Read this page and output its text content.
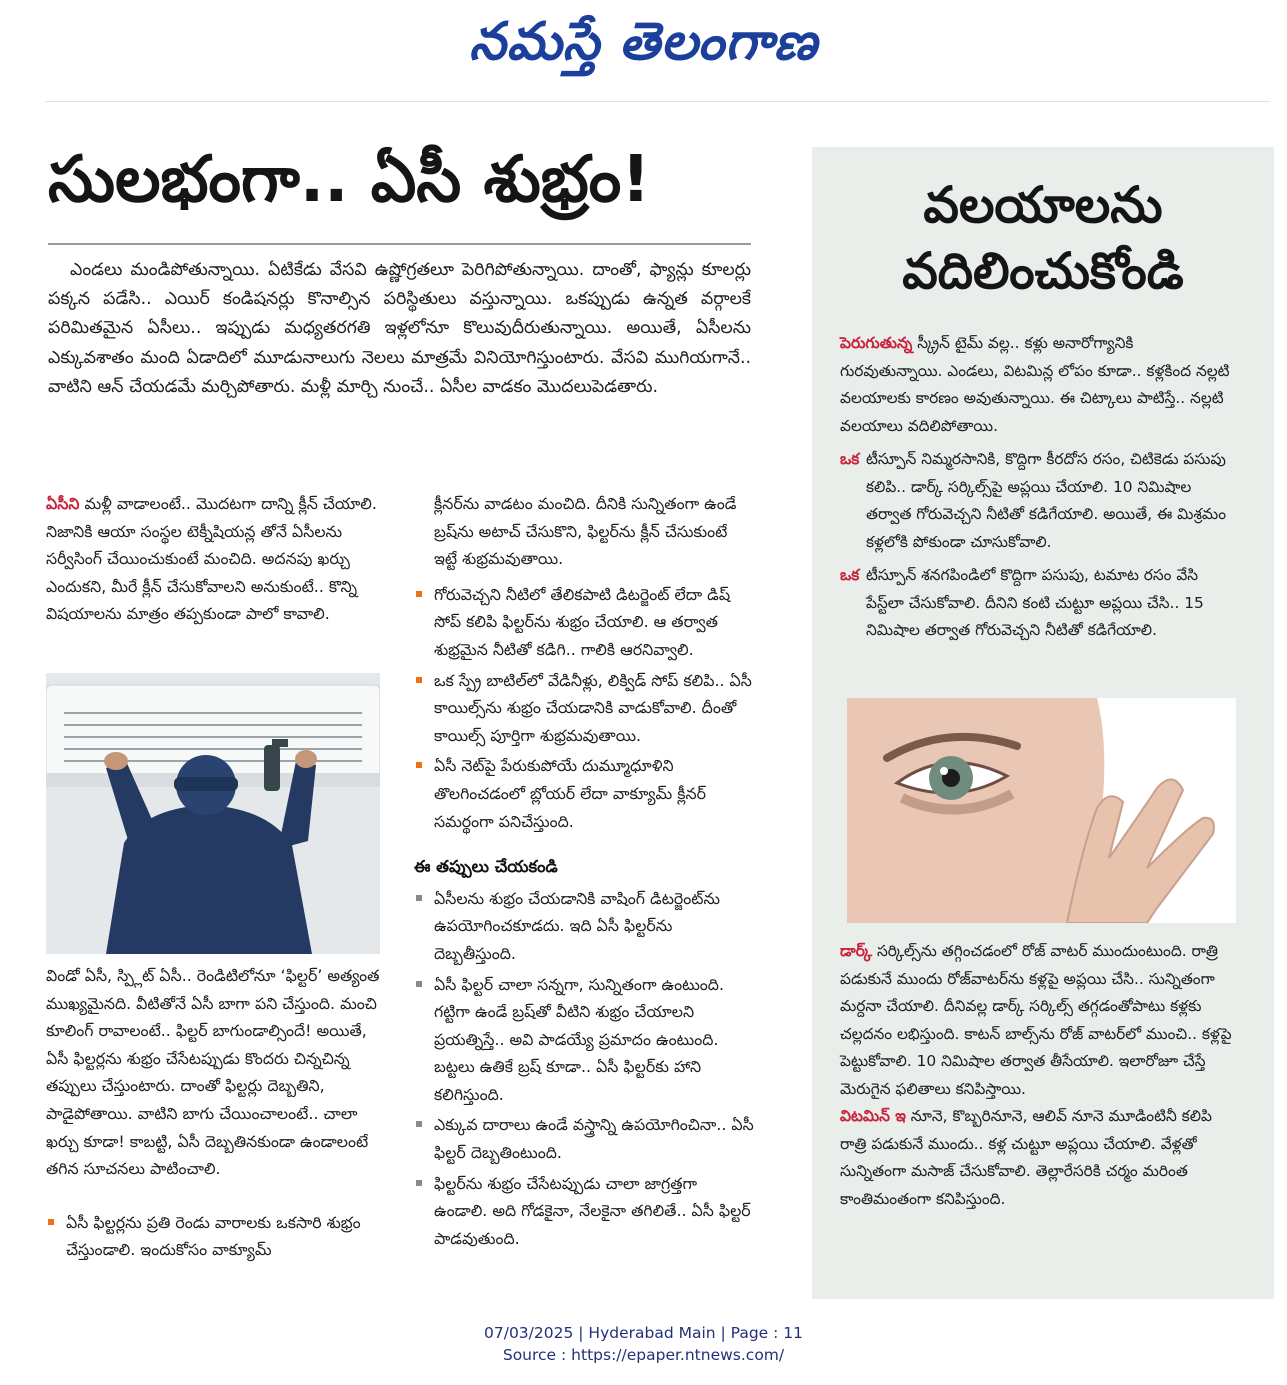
నమస్తే తెలంగాణ
సులభంగా.. ఏసీ శుభ్రం!
ఎండలు మండిపోతున్నాయి. ఏటికేడు వేసవి ఉష్ణోగ్రతలూ పెరిగిపోతున్నాయి. దాంతో, ఫ్యాన్లు కూలర్లు పక్కన పడేసి.. ఎయిర్ కండిషనర్లు కొనాల్సిన పరిస్థితులు వస్తున్నాయి. ఒకప్పుడు ఉన్నత వర్గాలకే పరిమితమైన ఏసీలు.. ఇప్పుడు మధ్యతరగతి ఇళ్లలోనూ కొలువుదీరుతున్నాయి. అయితే, ఏసీలను ఎక్కువశాతం మంది ఏడాదిలో మూడునాలుగు నెలలు మాత్రమే వినియోగిస్తుంటారు. వేసవి ముగియగానే.. వాటిని ఆన్ చేయడమే మర్చిపోతారు. మళ్లీ మార్చి నుంచే.. ఏసీల వాడకం మొదలుపెడతారు.

ఏసీని మళ్లీ వాడాలంటే.. మొదటగా దాన్ని క్లీన్ చేయాలి. నిజానికి ఆయా సంస్థల టెక్నీషియన్ల తోనే ఏసీలను సర్వీసింగ్ చేయించుకుంటే మంచిది. అదనపు ఖర్చు ఎందుకని, మీరే క్లీన్ చేసుకోవాలని అనుకుంటే.. కొన్ని విషయాలను మాత్రం తప్పకుండా పాలో కావాలి.

విండో ఏసీ, స్ప్లిట్ ఏసీ.. రెండిటిలోనూ ‘ఫిల్టర్’ అత్యంత ముఖ్యమైనది. వీటితోనే ఏసీ బాగా పని చేస్తుంది. మంచి కూలింగ్ రావాలంటే.. ఫిల్టర్ బాగుండాల్సిందే! అయితే, ఏసీ ఫిల్టర్లను శుభ్రం చేసేటప్పుడు కొందరు చిన్నచిన్న తప్పులు చేస్తుంటారు. దాంతో ఫిల్టర్లు దెబ్బతిని, పాడైపోతాయి. వాటిని బాగు చేయించాలంటే.. చాలా ఖర్చు కూడా! కాబట్టి, ఏసీ దెబ్బతినకుండా ఉండాలంటే తగిన సూచనలు పాటించాలి.

ఏసీ ఫిల్టర్లను ప్రతి రెండు వారాలకు ఒకసారి శుభ్రం చేస్తుండాలి. ఇందుకోసం వాక్యూమ్

క్లీనర్‌ను వాడటం మంచిది. దీనికి సున్నితంగా ఉండే బ్రష్‌ను అటాచ్ చేసుకొని, ఫిల్టర్‌ను క్లీన్ చేసుకుంటే ఇట్టే శుభ్రమవుతాయి.

గోరువెచ్చని నీటిలో తేలికపాటి డిటర్జెంట్ లేదా డిష్ సోప్ కలిపి ఫిల్టర్‌ను శుభ్రం చేయాలి. ఆ తర్వాత శుభ్రమైన నీటితో కడిగి.. గాలికి ఆరనివ్వాలి.
ఒక స్ప్రే బాటిల్‌లో వేడినీళ్లు, లిక్విడ్ సోప్ కలిపి.. ఏసీ కాయిల్స్‌ను శుభ్రం చేయడానికి వాడుకోవాలి. దీంతో కాయిల్స్ పూర్తిగా శుభ్రమవుతాయి.
ఏసీ నెట్‌పై పేరుకుపోయే దుమ్మూధూళిని తొలగించడంలో బ్లోయర్ లేదా వాక్యూమ్ క్లీనర్ సమర్థంగా పనిచేస్తుంది.
ఈ తప్పులు చేయకండి
ఏసీలను శుభ్రం చేయడానికి వాషింగ్ డిటర్జెంట్‌ను ఉపయోగించకూడదు. ఇది ఏసీ ఫిల్టర్‌ను దెబ్బతీస్తుంది.
ఏసీ ఫిల్టర్ చాలా సన్నగా, సున్నితంగా ఉంటుంది. గట్టిగా ఉండే బ్రష్‌తో వీటిని శుభ్రం చేయాలని ప్రయత్నిస్తే.. అవి పాడయ్యే ప్రమాదం ఉంటుంది. బట్టలు ఉతికే బ్రష్ కూడా.. ఏసీ ఫిల్టర్‌కు హాని కలిగిస్తుంది.
ఎక్కువ దారాలు ఉండే వస్త్రాన్ని ఉపయోగించినా.. ఏసీ ఫిల్టర్ దెబ్బతింటుంది.
ఫిల్టర్‌ను శుభ్రం చేసేటప్పుడు చాలా జాగ్రత్తగా ఉండాలి. అది గోడకైనా, నేలకైనా తగిలితే.. ఏసీ ఫిల్టర్ పాడవుతుంది.
వలయాలను
వదిలించుకోండి

పెరుగుతున్న స్క్రీన్ టైమ్ వల్ల.. కళ్లు అనారోగ్యానికి గురవుతున్నాయి. ఎండలు, విటమిన్ల లోపం కూడా.. కళ్లకింద నల్లటి వలయాలకు కారణం అవుతున్నాయి. ఈ చిట్కాలు పాటిస్తే.. నల్లటి వలయాలు వదిలిపోతాయి.

ఒక టీస్పూన్ నిమ్మరసానికి, కొద్దిగా కీరదోస రసం, చిటికెడు పసుపు కలిపి.. డార్క్ సర్కిల్స్‌పై అప్లయి చేయాలి. 10 నిమిషాల తర్వాత గోరువెచ్చని నీటితో కడిగేయాలి. అయితే, ఈ మిశ్రమం కళ్లలోకి పోకుండా చూసుకోవాలి.
ఒక టీస్పూన్ శనగపిండిలో కొద్దిగా పసుపు, టమాట రసం వేసి పేస్ట్‌లా చేసుకోవాలి. దీనిని కంటి చుట్టూ అప్లయి చేసి.. 15 నిమిషాల తర్వాత గోరువెచ్చని నీటితో కడిగేయాలి.

డార్క్ సర్కిల్స్‌ను తగ్గించడంలో రోజ్ వాటర్ ముందుంటుంది. రాత్రి పడుకునే ముందు రోజ్‌వాటర్‌ను కళ్లపై అప్లయి చేసి.. సున్నితంగా మర్దనా చేయాలి. దీనివల్ల డార్క్ సర్కిల్స్ తగ్గడంతోపాటు కళ్లకు చల్లదనం లభిస్తుంది. కాటన్ బాల్స్‌ను రోజ్ వాటర్‌లో ముంచి.. కళ్లపై పెట్టుకోవాలి. 10 నిమిషాల తర్వాత తీసేయాలి. ఇలారోజూ చేస్తే మెరుగైన ఫలితాలు కనిపిస్తాయి.

విటమిన్ ఇ నూనె, కొబ్బరినూనె, ఆలివ్ నూనె మూడింటినీ కలిపి రాత్రి పడుకునే ముందు.. కళ్ల చుట్టూ అప్లయి చేయాలి. వేళ్లతో సున్నితంగా మసాజ్ చేసుకోవాలి. తెల్లారేసరికి చర్మం మరింత కాంతిమంతంగా కనిపిస్తుంది.

07/03/2025 | Hyderabad Main | Page : 11
Source : https://epaper.ntnews.com/
